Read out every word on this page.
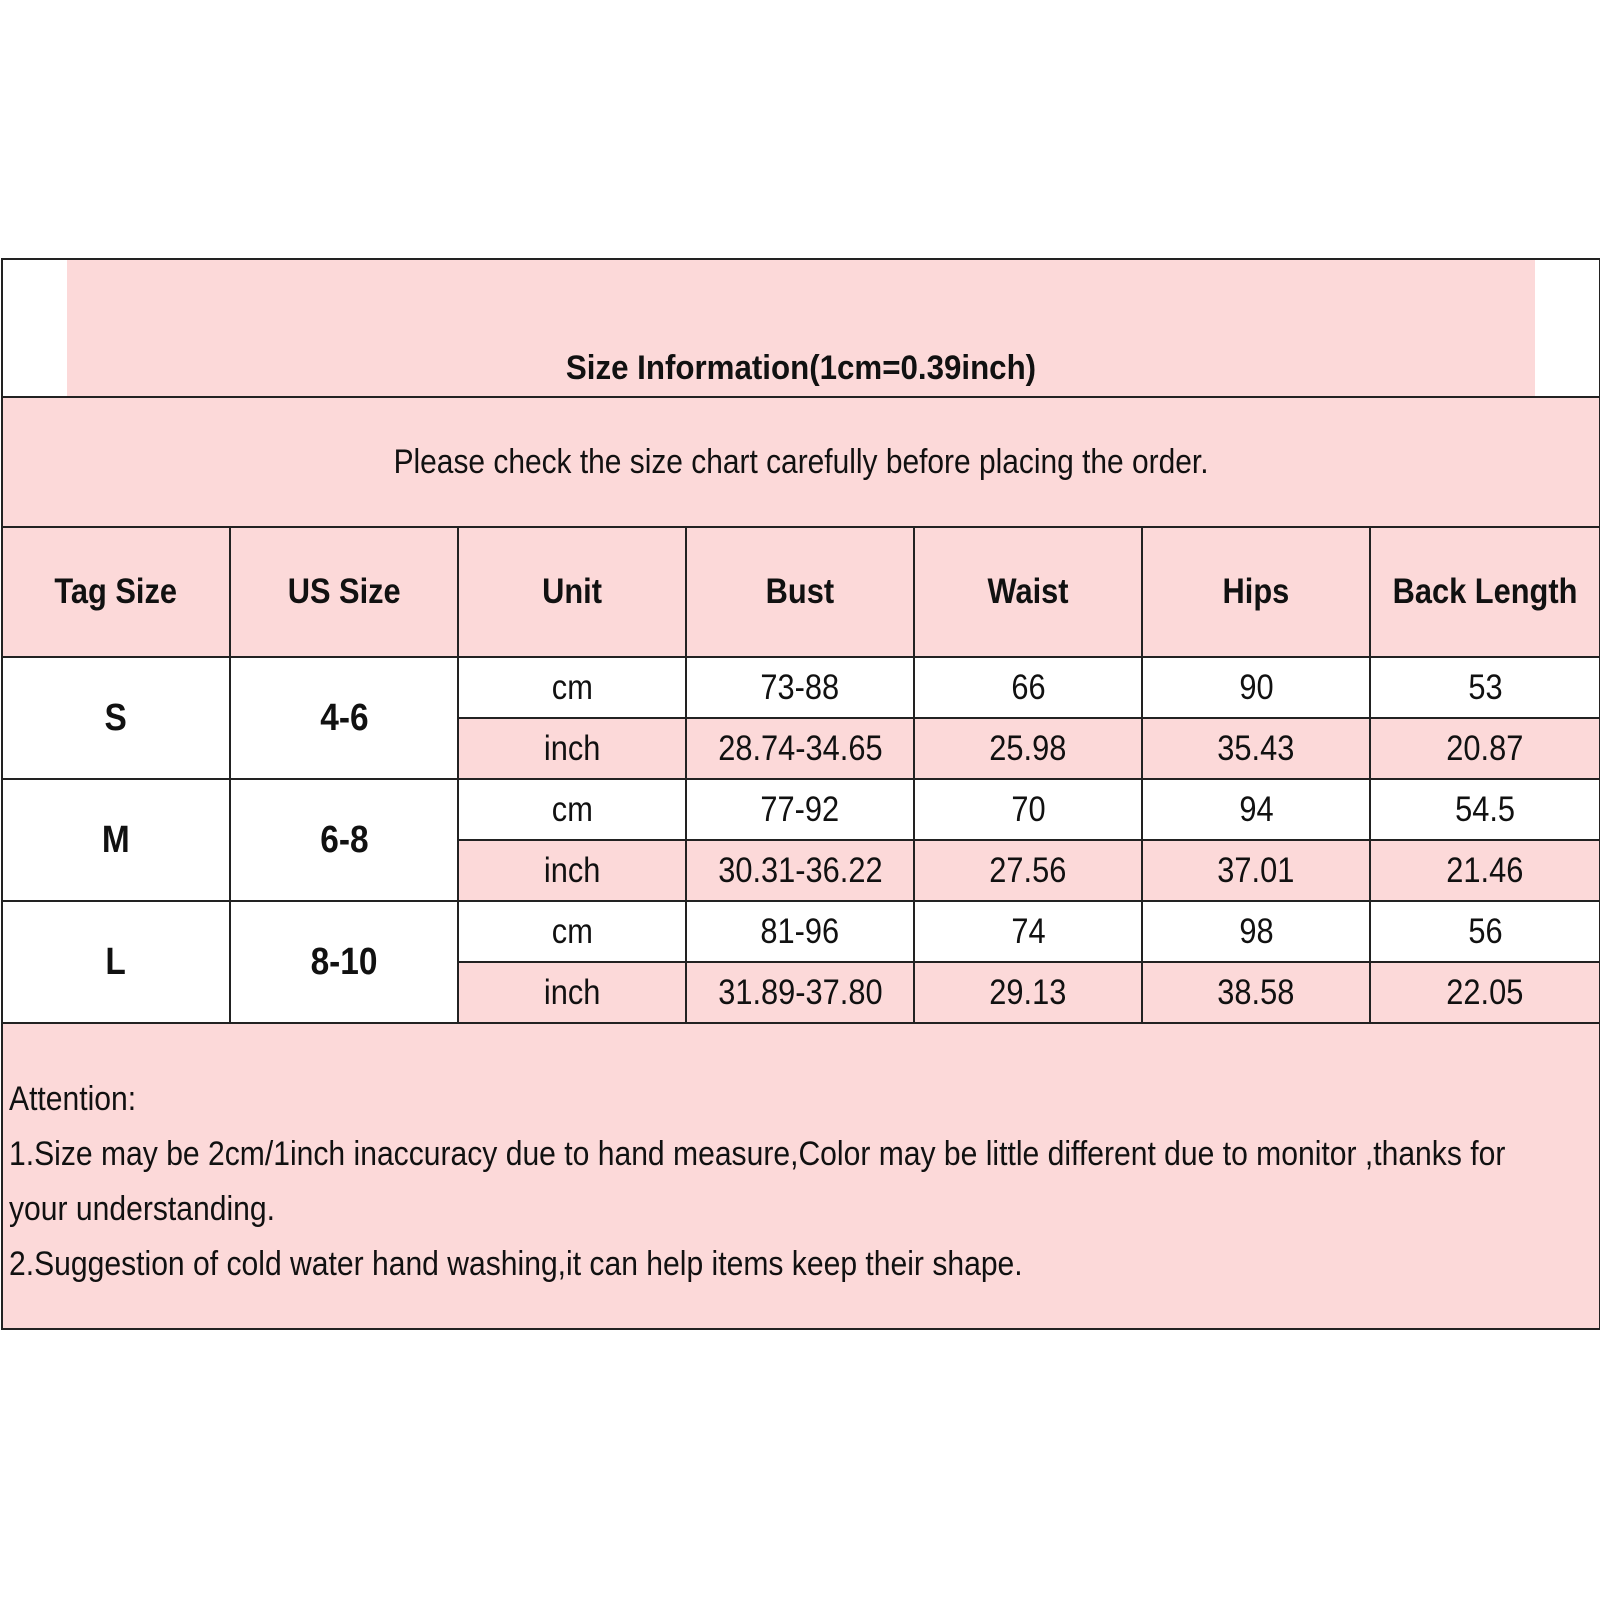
Size Information(1cm=0.39inch)						
Please check the size chart carefully before placing the order.						
Tag Size	US Size	Unit	Bust	Waist	Hips	Back Length
S	4-6	cm	73-88	66	90	53
		inch	28.74-34.65	25.98	35.43	20.87
M	6-8	cm	77-92	70	94	54.5
		inch	30.31-36.22	27.56	37.01	21.46
L	8-10	cm	81-96	74	98	56
		inch	31.89-37.80	29.13	38.58	22.05

Attention:
1.Size may be 2cm/1inch inaccuracy due to hand measure,Color may be little different due to monitor ,thanks for
your understanding.
2.Suggestion of cold water hand washing,it can help items keep their shape.						
